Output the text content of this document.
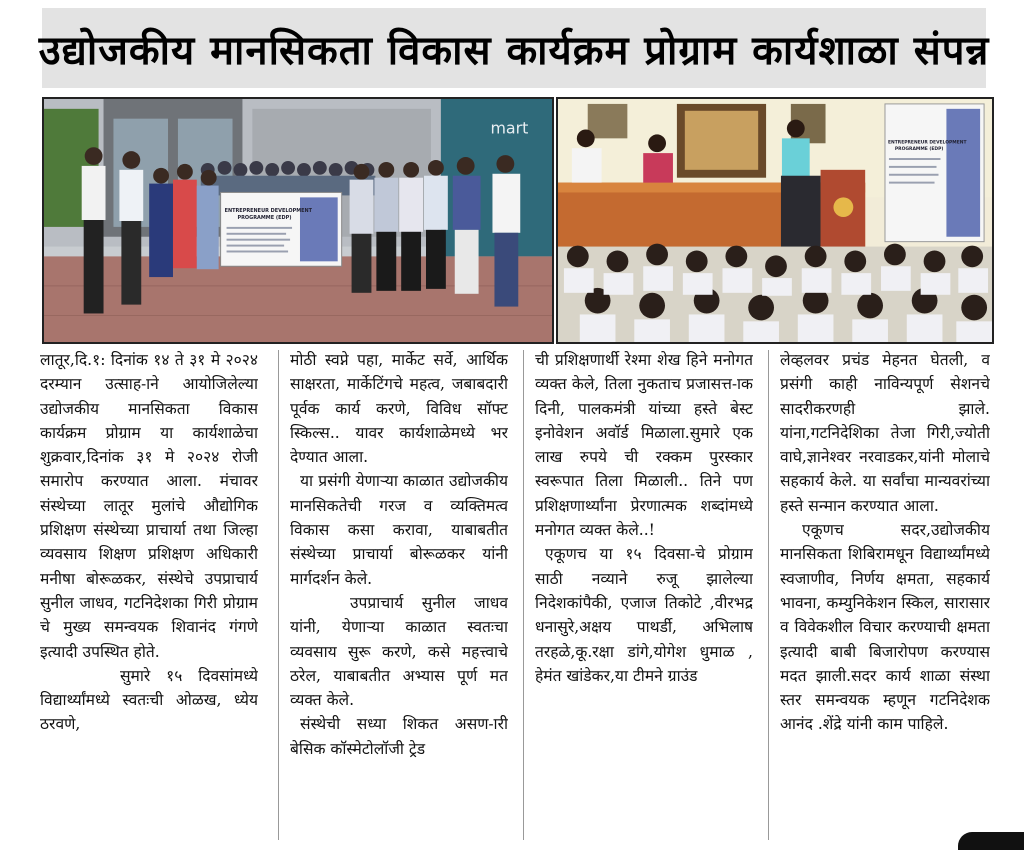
उद्योजकीय मानसिकता विकास कार्यक्रम प्रोग्राम कार्यशाळा संपन्न
mart
ENTREPRENEUR DEVELOPMENT
PROGRAMME (EDP)
ENTREPRENEUR DEVELOPMENT
PROGRAMME (EDP)

लातूर,दि.१: दिनांक १४ ते ३१ मे २०२४ दरम्यान उत्साह-ाने आयोजिलेल्या उद्योजकीय मानसिकता विकास कार्यक्रम प्रोग्राम या कार्यशाळेचा शुक्रवार,दिनांक ३१ मे २०२४ रोजी समारोप करण्यात आला. मंचावर संस्थेच्या लातूर मुलांचे औद्योगिक प्रशिक्षण संस्थेच्या प्राचार्या तथा जिल्हा व्यवसाय शिक्षण प्रशिक्षण अधिकारी मनीषा बोरूळकर, संस्थेचे उपप्राचार्य सुनील जाधव, गटनिदेशका गिरी प्रोग्राम चे मुख्य समन्वयक शिवानंद गंगणे इत्यादी उपस्थित होते.

सुमारे १५ दिवसांमध्ये विद्यार्थ्यांमध्ये स्वतःची ओळख, ध्येय ठरवणे,

मोठी स्वप्ने पहा, मार्केट सर्वे, आर्थिक साक्षरता, मार्केटिंगचे महत्व, जबाबदारी पूर्वक कार्य करणे, विविध सॉफ्ट स्किल्स.. यावर कार्यशाळेमध्ये भर देण्यात आला.

या प्रसंगी येणाऱ्या काळात उद्योजकीय मानसिकतेची गरज व व्यक्तिमत्व विकास कसा करावा, याबाबतीत संस्थेच्या प्राचार्या बोरूळकर यांनी मार्गदर्शन केले.

उपप्राचार्य सुनील जाधव यांनी, येणाऱ्या काळात स्वतःचा व्यवसाय सुरू करणे, कसे महत्त्वाचे ठरेल, याबाबतीत अभ्यास पूर्ण मत व्यक्त केले.

संस्थेची सध्या शिकत असण-ारी बेसिक कॉस्मेटोलॉजी ट्रेड

ची प्रशिक्षणार्थी रेश्मा शेख हिने मनोगत व्यक्त केले, तिला नुकताच प्रजासत्त-ाक दिनी, पालकमंत्री यांच्या हस्ते बेस्ट इनोवेशन अवॉर्ड मिळाला.सुमारे एक लाख रुपये ची रक्कम पुरस्कार स्वरूपात तिला मिळाली.. तिने पण प्रशिक्षणार्थ्यांना प्रेरणात्मक शब्दांमध्ये मनोगत व्यक्त केले..!

एकूणच या १५ दिवसा-चे प्रोग्राम साठी नव्याने रुजू झालेल्या निदेशकांपैकी, एजाज तिकोटे ,वीरभद्र धनासुरे,अक्षय पाथर्डी, अभिलाष तरहळे,कू.रक्षा डांगे,योगेश धुमाळ , हेमंत खांडेकर,या टीमने ग्राउंड

लेव्हलवर प्रचंड मेहनत घेतली, व प्रसंगी काही नाविन्यपूर्ण सेशनचे सादरीकरणही झाले. यांना,गटनिदेशिका तेजा गिरी,ज्योती वाघे,ज्ञानेश्वर नरवाडकर,यांनी मोलाचे सहकार्य केले. या सर्वांचा मान्यवरांच्या हस्ते सन्मान करण्यात आला.

एकूणच सदर,उद्योजकीय मानसिकता शिबिरामधून विद्यार्थ्यांमध्ये स्वजाणीव, निर्णय क्षमता, सहकार्य भावना, कम्युनिकेशन स्किल, सारासार व विवेकशील विचार करण्याची क्षमता इत्यादी बाबी बिजारोपण करण्यास मदत झाली.सदर कार्य शाळा संस्था स्तर समन्वयक म्हणून गटनिदेशक आनंद .शेंद्रे यांनी काम पाहिले.
